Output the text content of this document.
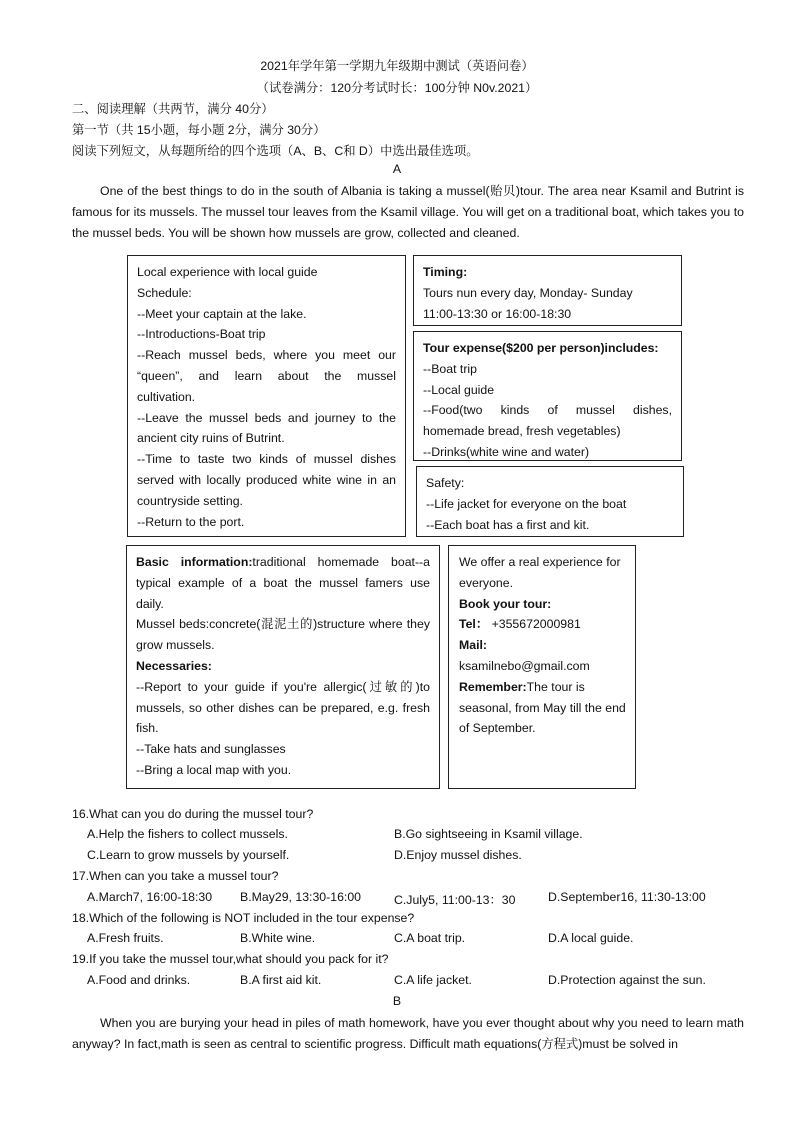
2021年学年第一学期九年级期中测试（英语问卷）
（试卷满分：120分考试时长：100分钟 N0v.2021）
二、阅读理解（共两节，满分 40分）
第一节（共 15小题，每小题 2分，满分 30分）
阅读下列短文，从每题所给的四个选项（A、B、C和 D）中选出最佳选项。
A
One of the best things to do in the south of Albania is taking a mussel(贻贝)tour. The area near Ksamil and Butrint is famous for its mussels. The mussel tour leaves from the Ksamil village. You will get on a traditional boat, which takes you to the mussel beds. You will be shown how mussels are grow, collected and cleaned.
Local experience with local guide
Schedule:
--Meet your captain at the lake.
--Introductions-Boat trip
--Reach mussel beds, where you meet our “queen”, and learn about the mussel cultivation.
--Leave the mussel beds and journey to the ancient city ruins of Butrint.
--Time to taste two kinds of mussel dishes served with locally produced white wine in an countryside setting.
--Return to the port.
Timing:
Tours nun every day, Monday- Sunday
11:00-13:30 or 16:00-18:30
Tour expense($200 per person)includes:
--Boat trip
--Local guide
--Food(two kinds of mussel dishes, homemade bread, fresh vegetables)
--Drinks(white wine and water)
Safety:
--Life jacket for everyone on the boat
--Each boat has a first and kit.
Basic information:traditional homemade boat--a typical example of a boat the mussel famers use daily.
Mussel beds:concrete(混泥土的)structure where they grow mussels.
Necessaries:
--Report to your guide if you're allergic(过敏的)to mussels, so other dishes can be prepared, e.g. fresh fish.
--Take hats and sunglasses
--Bring a local map with you.
We offer a real experience for everyone.
Book your tour:
Tel： +355672000981
Mail:
ksamilnebo@gmail.com
Remember:The tour is seasonal, from May till the end of September.
16.What can you do during the mussel tour?
A.Help the fishers to collect mussels.	B.Go sightseeing in Ksamil village.
C.Learn to grow mussels by yourself.	D.Enjoy mussel dishes.
17.When can you take a mussel tour?
A.March7, 16:00-18:30 B.May29, 13:30-16:00	C.July5, 11:00-13：30	D.September16, 11:30-13:00
18.Which of the following is NOT included in the tour expense?
A.Fresh fruits.	B.White wine.	C.A boat trip.	D.A local guide.
19.If you take the mussel tour,what should you pack for it?
A.Food and drinks.	B.A first aid kit.	C.A life jacket.	D.Protection against the sun.
B
When you are burying your head in piles of math homework, have you ever thought about why you need to learn math anyway? In fact,math is seen as central to scientific progress. Difficult math equations(方程式)must be solved in
